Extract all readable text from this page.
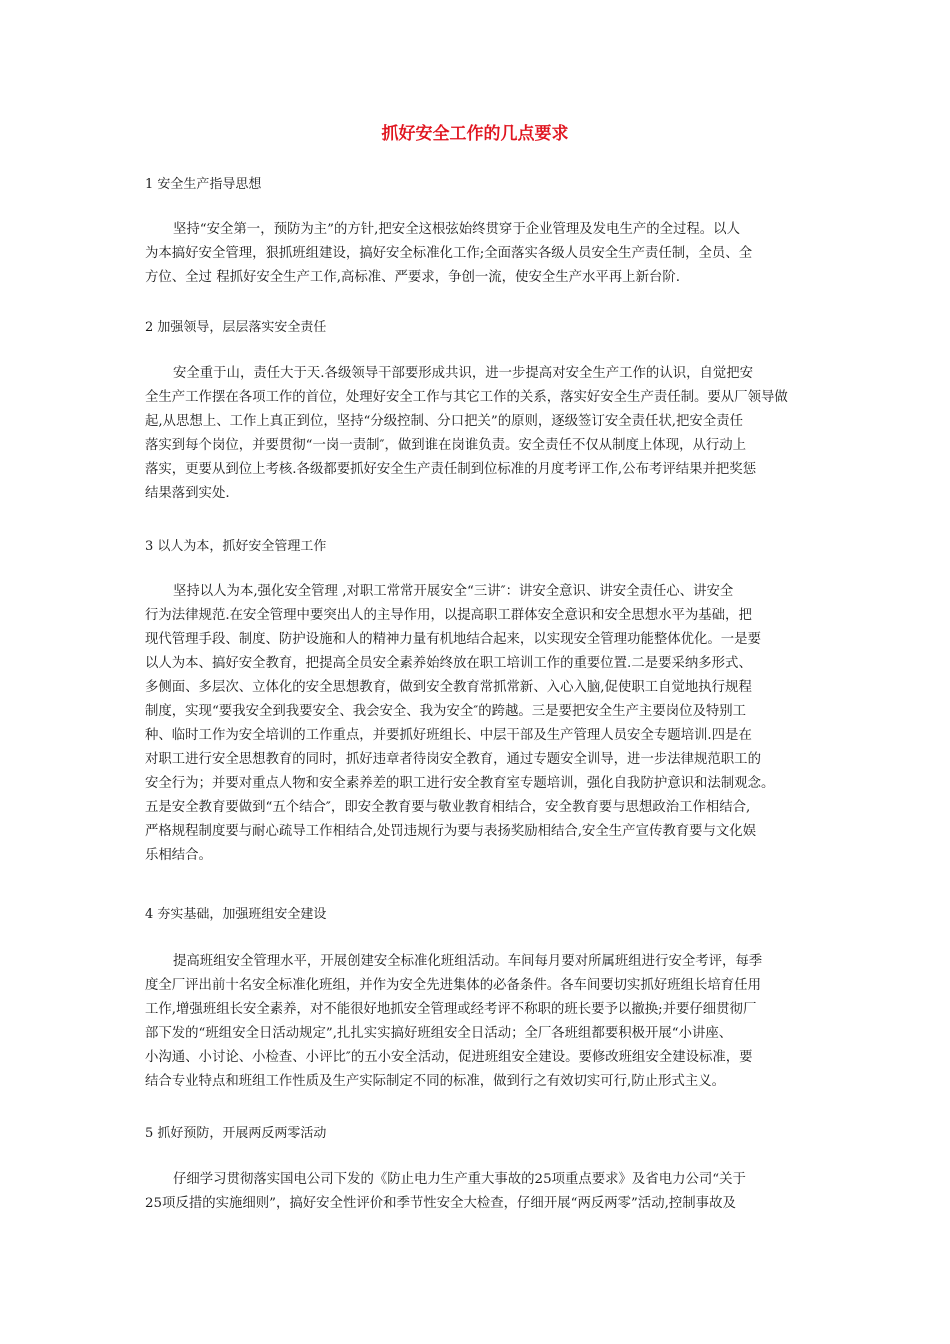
抓好安全工作的几点要求
1 安全生产指导思想
坚持“安全第一，预防为主”的方针,把安全这根弦始终贯穿于企业管理及发电生产的全过程。以人
为本搞好安全管理，狠抓班组建设，搞好安全标准化工作;全面落实各级人员安全生产责任制，全员、全
方位、全过 程抓好安全生产工作,高标准、严要求，争创一流，使安全生产水平再上新台阶.
2 加强领导，层层落实安全责任
安全重于山，责任大于天.各级领导干部要形成共识，进一步提高对安全生产工作的认识，自觉把安
全生产工作摆在各项工作的首位，处理好安全工作与其它工作的关系，落实好安全生产责任制。要从厂领导做
起,从思想上、工作上真正到位，坚持“分级控制、分口把关”的原则，逐级签订安全责任状,把安全责任
落实到每个岗位，并要贯彻“一岗一责制″，做到谁在岗谁负责。安全责任不仅从制度上体现，从行动上
落实，更要从到位上考核.各级都要抓好安全生产责任制到位标准的月度考评工作,公布考评结果并把奖惩
结果落到实处.
3 以人为本，抓好安全管理工作
坚持以人为本,强化安全管理 ,对职工常常开展安全“三讲″：讲安全意识、讲安全责任心、讲安全
行为法律规范.在安全管理中要突出人的主导作用，以提高职工群体安全意识和安全思想水平为基础，把
现代管理手段、制度、防护设施和人的精神力量有机地结合起来，以实现安全管理功能整体优化。一是要
以人为本、搞好安全教育，把提高全员安全素养始终放在职工培训工作的重要位置.二是要采纳多形式、
多侧面、多层次、立体化的安全思想教育，做到安全教育常抓常新、入心入脑,促使职工自觉地执行规程
制度，实现“要我安全到我要安全、我会安全、我为安全″的跨越。三是要把安全生产主要岗位及特别工
种、临时工作为安全培训的工作重点，并要抓好班组长、中层干部及生产管理人员安全专题培训.四是在
对职工进行安全思想教育的同时，抓好违章者待岗安全教育，通过专题安全训导，进一步法律规范职工的
安全行为；并要对重点人物和安全素养差的职工进行安全教育室专题培训，强化自我防护意识和法制观念。
五是安全教育要做到“五个结合″，即安全教育要与敬业教育相结合，安全教育要与思想政治工作相结合,
严格规程制度要与耐心疏导工作相结合,处罚违规行为要与表扬奖励相结合,安全生产宣传教育要与文化娱
乐相结合。
4 夯实基础，加强班组安全建设
提高班组安全管理水平，开展创建安全标准化班组活动。车间每月要对所属班组进行安全考评，每季
度全厂评出前十名安全标准化班组，并作为安全先进集体的必备条件。各车间要切实抓好班组长培育任用
工作,增强班组长安全素养，对不能很好地抓安全管理或经考评不称职的班长要予以撤换;并要仔细贯彻厂
部下发的“班组安全日活动规定”,扎扎实实搞好班组安全日活动；全厂各班组都要积极开展“小讲座、
小沟通、小讨论、小检查、小评比″的五小安全活动，促进班组安全建设。要修改班组安全建设标准，要
结合专业特点和班组工作性质及生产实际制定不同的标准，做到行之有效切实可行,防止形式主义。
5 抓好预防，开展两反两零活动
仔细学习贯彻落实国电公司下发的《防止电力生产重大事故的25项重点要求》及省电力公司“关于
25项反措的实施细则”，搞好安全性评价和季节性安全大检查，仔细开展“两反两零”活动,控制事故及
